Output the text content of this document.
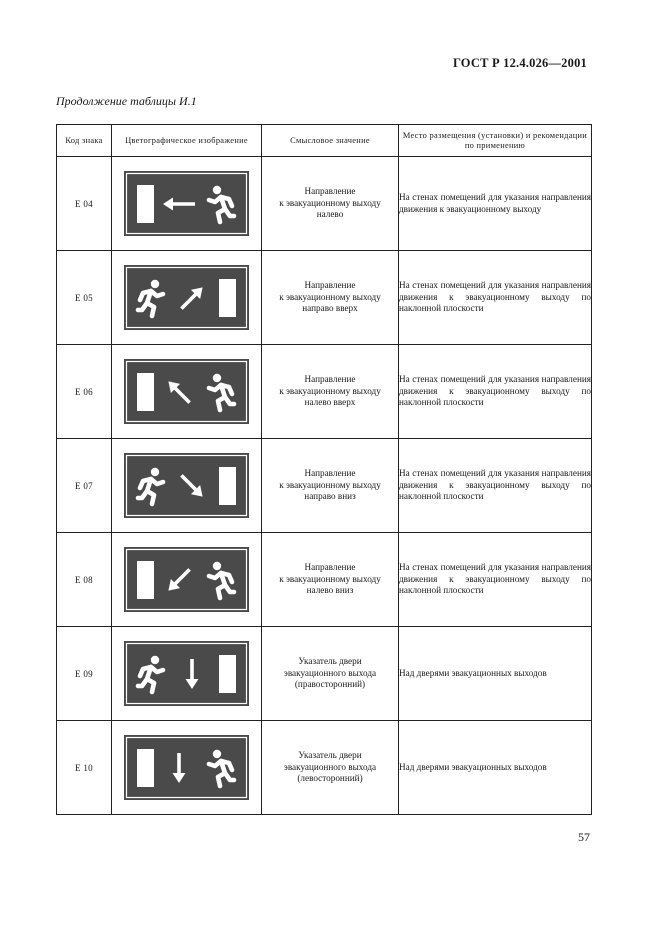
ГОСТ Р 12.4.026—2001
Продолжение таблицы И.1
Код знака	Цветографическое изображение	Смысловое значение	Место размещения (установки) и рекомендации по применению
E 04		Направление
к эвакуационному выходу
налево	На стенах помещений для указания направления движения к эвакуационному выходу
E 05		Направление
к эвакуационному выходу
направо вверх	На стенах помещений для указания направления движения к эвакуационному выходу по наклонной плоскости
E 06		Направление
к эвакуационному выходу
налево вверх	На стенах помещений для указания направления движения к эвакуационному выходу по наклонной плоскости
E 07		Направление
к эвакуационному выходу
направо вниз	На стенах помещений для указания направления движения к эвакуационному выходу по наклонной плоскости
E 08		Направление
к эвакуационному выходу
налево вниз	На стенах помещений для указания направления движения к эвакуационному выходу по наклонной плоскости
E 09		Указатель двери
эвакуационного выхода
(правосторонний)	Над дверями эвакуационных выходов
E 10		Указатель двери
эвакуационного выхода
(левосторонний)	Над дверями эвакуационных выходов
57
